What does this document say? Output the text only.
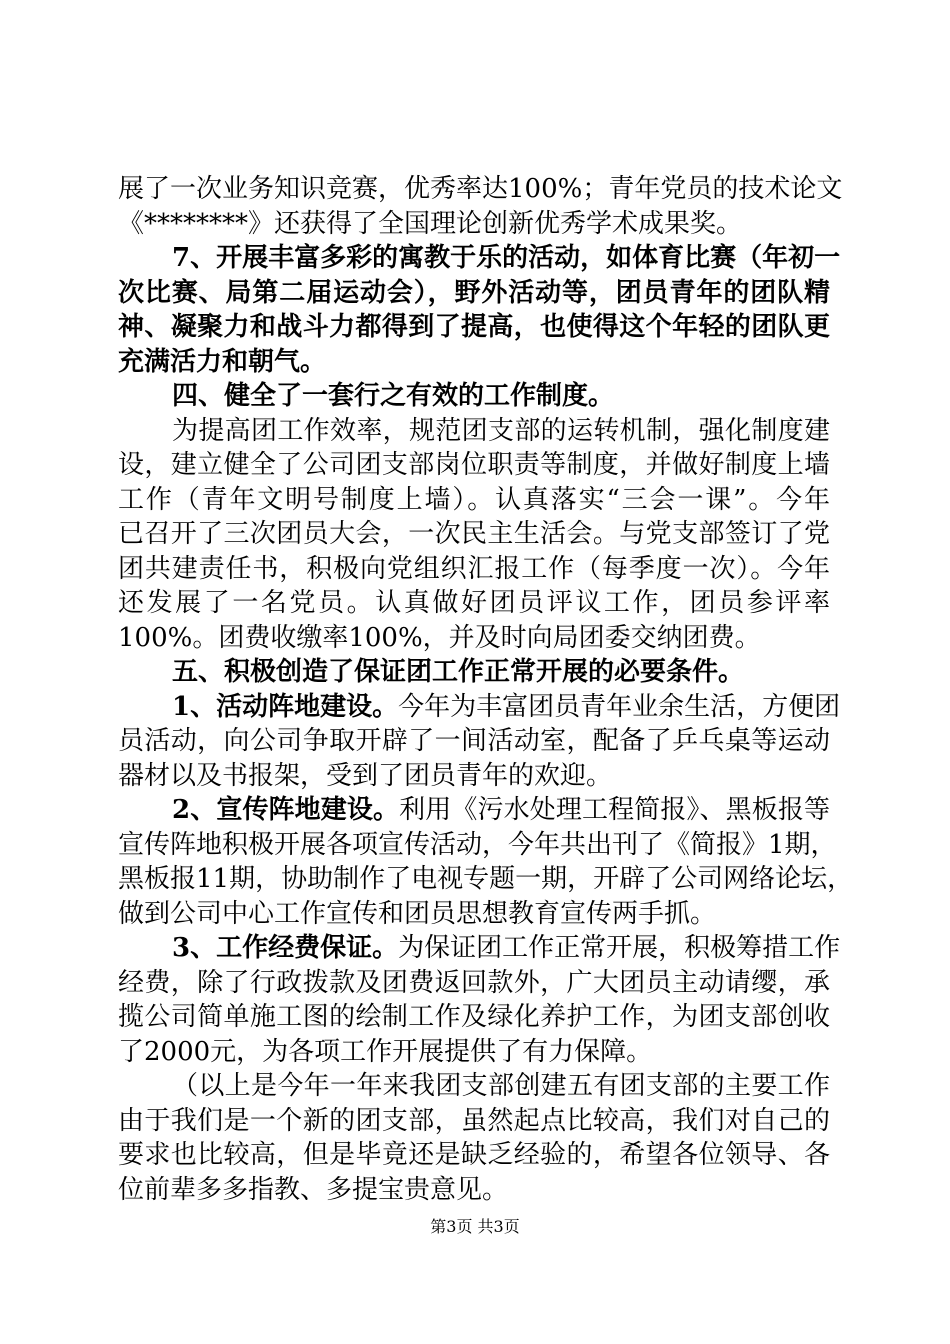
展了一次业务知识竞赛，优秀率达100%；青年党员的技术论文
《********》还获得了全国理论创新优秀学术成果奖。
7、开展丰富多彩的寓教于乐的活动，如体育比赛（年初一
次比赛、局第二届运动会），野外活动等，团员青年的团队精
神、凝聚力和战斗力都得到了提高，也使得这个年轻的团队更
充满活力和朝气。
四、健全了一套行之有效的工作制度。
为提高团工作效率，规范团支部的运转机制，强化制度建
设，建立健全了公司团支部岗位职责等制度，并做好制度上墙
工作（青年文明号制度上墙）。认真落实“三会一课”。今年
已召开了三次团员大会，一次民主生活会。与党支部签订了党
团共建责任书，积极向党组织汇报工作（每季度一次）。今年
还发展了一名党员。认真做好团员评议工作，团员参评率
100%。团费收缴率100%，并及时向局团委交纳团费。
五、积极创造了保证团工作正常开展的必要条件。
1、活动阵地建设。今年为丰富团员青年业余生活，方便团
员活动，向公司争取开辟了一间活动室，配备了乒乓桌等运动
器材以及书报架，受到了团员青年的欢迎。
2、宣传阵地建设。利用《污水处理工程简报》、黑板报等
宣传阵地积极开展各项宣传活动，今年共出刊了《简报》1期，
黑板报11期，协助制作了电视专题一期，开辟了公司网络论坛，
做到公司中心工作宣传和团员思想教育宣传两手抓。
3、工作经费保证。为保证团工作正常开展，积极筹措工作
经费，除了行政拨款及团费返回款外，广大团员主动请缨，承
揽公司简单施工图的绘制工作及绿化养护工作，为团支部创收
了2000元，为各项工作开展提供了有力保障。
（以上是今年一年来我团支部创建五有团支部的主要工作
由于我们是一个新的团支部，虽然起点比较高，我们对自己的
要求也比较高，但是毕竟还是缺乏经验的，希望各位领导、各
位前辈多多指教、多提宝贵意见。
第3页 共3页
